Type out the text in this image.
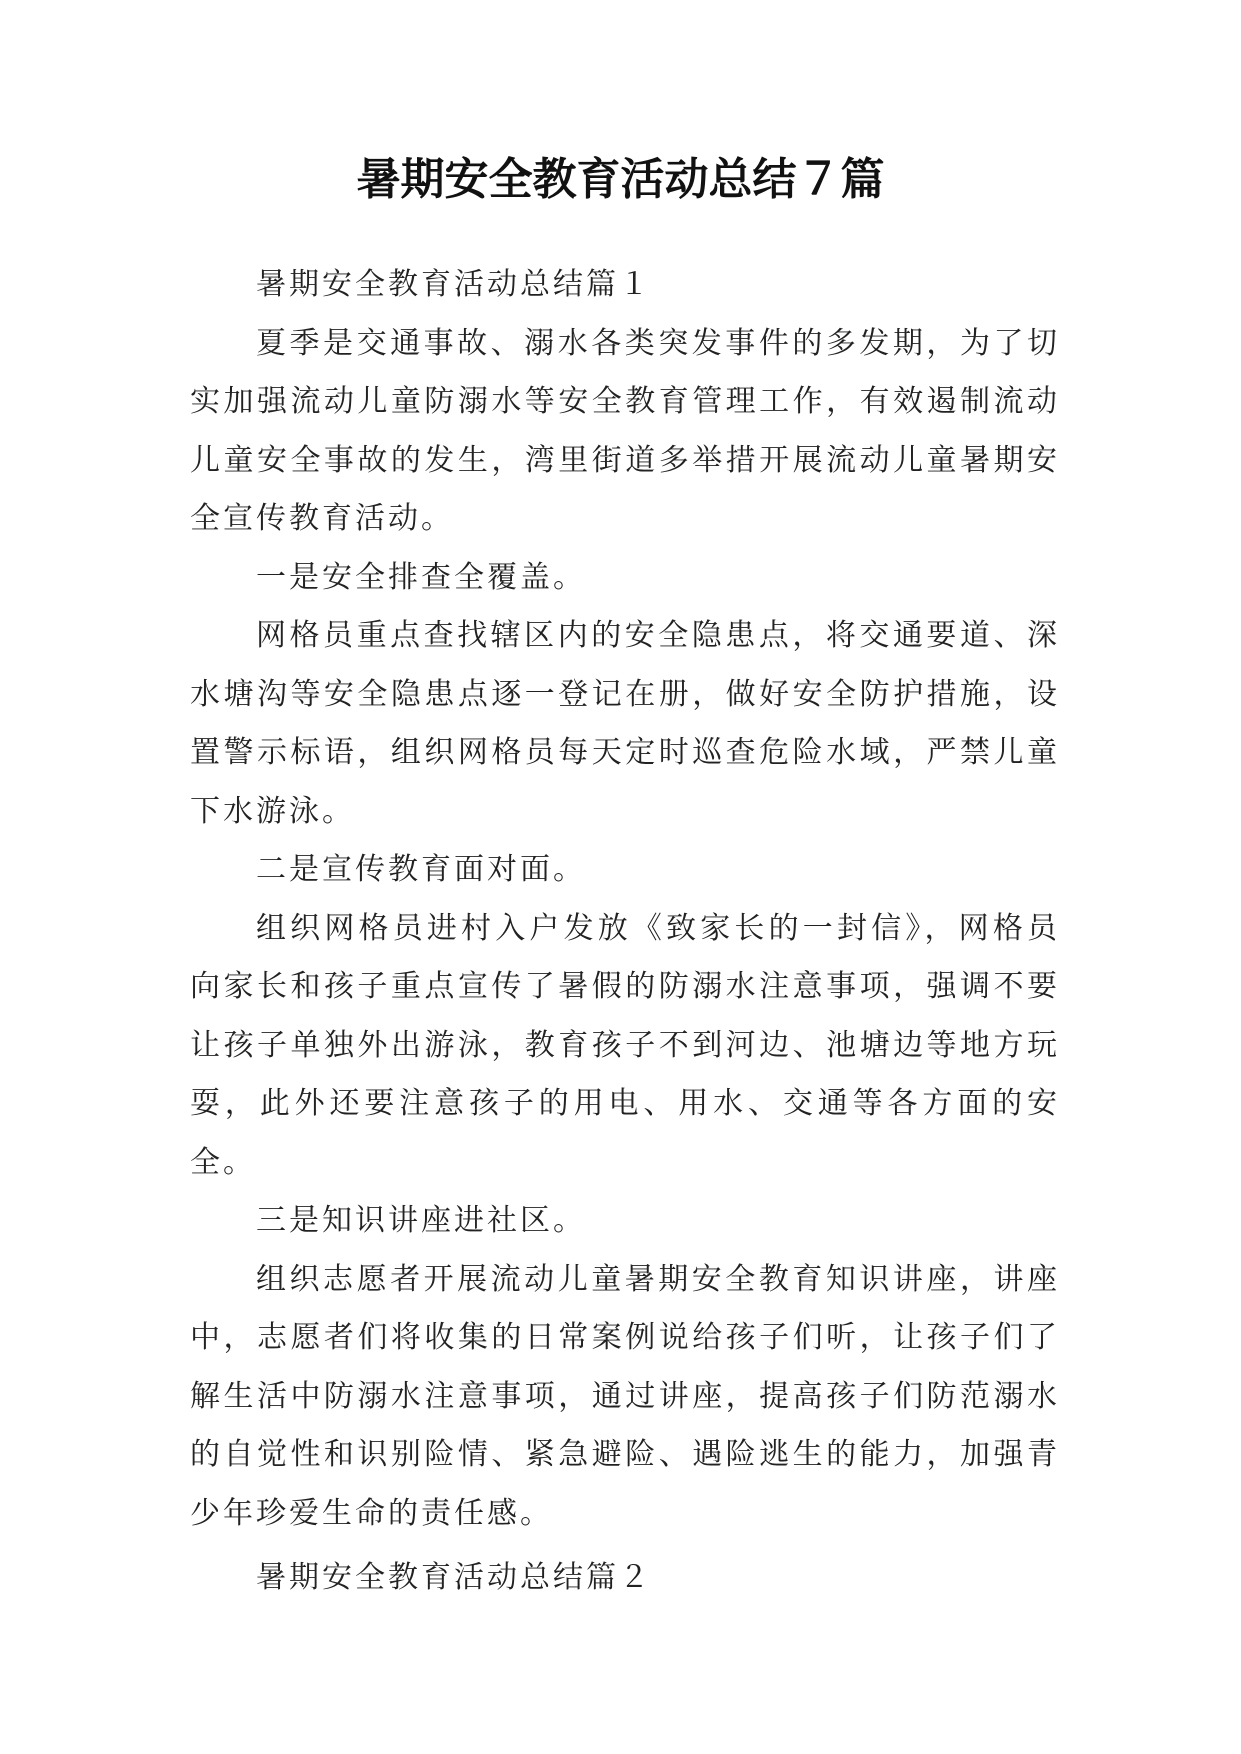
暑期安全教育活动总结７篇

暑期安全教育活动总结篇１

夏季是交通事故、溺水各类突发事件的多发期，为了切实加强流动儿童防溺水等安全教育管理工作，有效遏制流动儿童安全事故的发生，湾里街道多举措开展流动儿童暑期安全宣传教育活动。

一是安全排查全覆盖。

网格员重点查找辖区内的安全隐患点，将交通要道、深水塘沟等安全隐患点逐一登记在册，做好安全防护措施，设置警示标语，组织网格员每天定时巡查危险水域，严禁儿童下水游泳。

二是宣传教育面对面。

组织网格员进村入户发放《致家长的一封信》，网格员向家长和孩子重点宣传了暑假的防溺水注意事项，强调不要让孩子单独外出游泳，教育孩子不到河边、池塘边等地方玩耍，此外还要注意孩子的用电、用水、交通等各方面的安全。

三是知识讲座进社区。

组织志愿者开展流动儿童暑期安全教育知识讲座，讲座中，志愿者们将收集的日常案例说给孩子们听，让孩子们了解生活中防溺水注意事项，通过讲座，提高孩子们防范溺水的自觉性和识别险情、紧急避险、遇险逃生的能力，加强青少年珍爱生命的责任感。

暑期安全教育活动总结篇２
